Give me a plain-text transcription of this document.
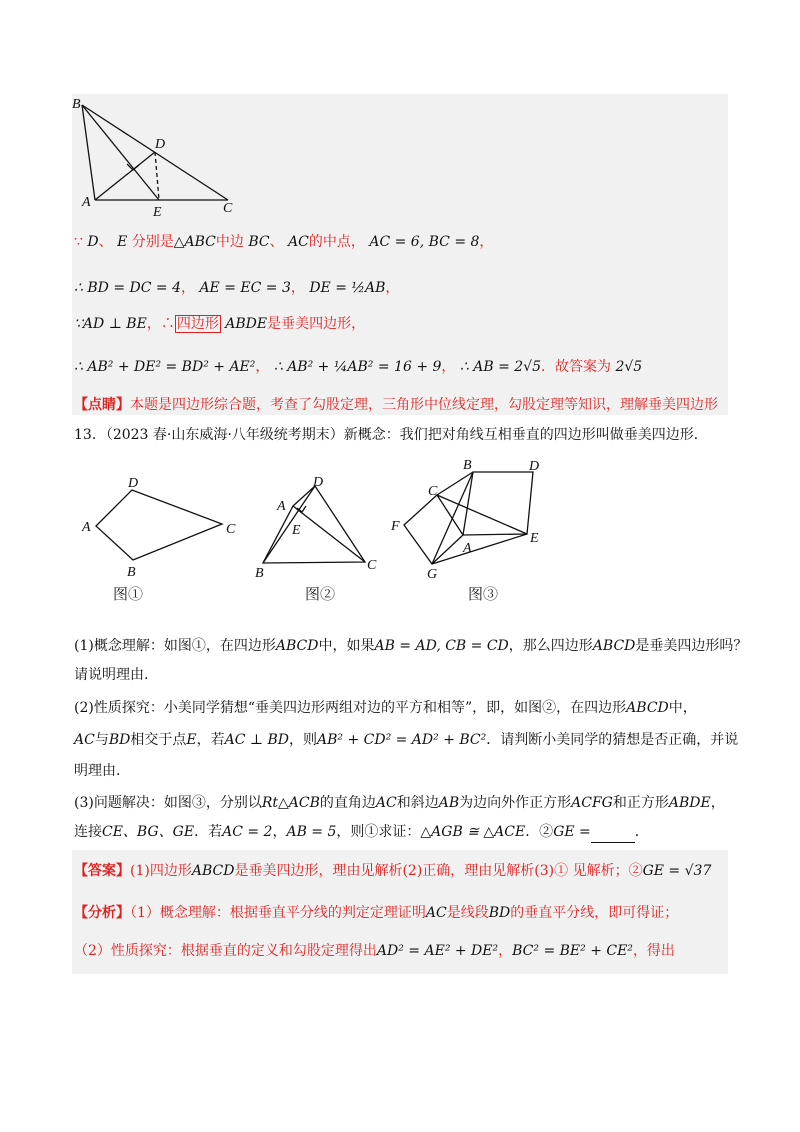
B
D
A
E	C
∵ D、 E 分别是△ABC中边 BC、 AC的中点， AC = 6, BC = 8，
∴ BD = DC = 4， AE = EC = 3， DE = ½AB，
∵AD ⊥ BE，∴ 四边形 ABDE是垂美四边形，
∴ AB² + DE² = BD² + AE²， ∴ AB² + ¼AB² = 16 + 9， ∴ AB = 2√5．故答案为 2√5
【点睛】本题是四边形综合题，考查了勾股定理，三角形中位线定理，勾股定理等知识，理解垂美四边形
13．（2023 春·山东威海·八年级统考期末）新概念：我们把对角线互相垂直的四边形叫做垂美四边形．
A
D
C
B
图①
A
D
E
C
B
图②
B	D
C
F
A
E
G
图③
(1)概念理解：如图①，在四边形ABCD中，如果AB = AD, CB = CD，那么四边形ABCD是垂美四边形吗？
请说明理由.
(2)性质探究：小美同学猜想“垂美四边形两组对边的平方和相等”，即，如图②，在四边形ABCD中，
AC与BD相交于点E，若AC ⊥ BD，则AB² + CD² = AD² + BC²．请判断小美同学的猜想是否正确，并说
明理由.
(3)问题解决：如图③，分别以Rt△ACB的直角边AC和斜边AB为边向外作正方形ACFG和正方形ABDE，
连接CE、BG、GE．若AC = 2，AB = 5，则①求证：△AGB ≅ △ACE．②GE =	．
【答案】(1)四边形ABCD是垂美四边形，理由见解析(2)正确，理由见解析(3)① 见解析；②GE = √37
【分析】（1）概念理解：根据垂直平分线的判定定理证明AC是线段BD的垂直平分线，即可得证；
（2）性质探究：根据垂直的定义和勾股定理得出AD² = AE² + DE²，BC² = BE² + CE²，得出
